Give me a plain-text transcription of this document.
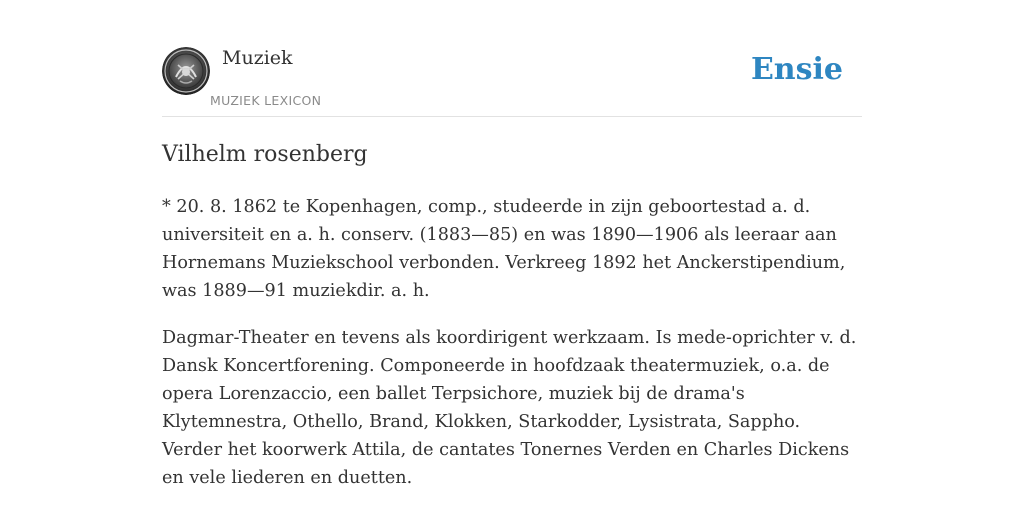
Muziek
MUZIEK LEXICON
Ensie
Vilhelm rosenberg

* 20. 8. 1862 te Kopenhagen, comp., studeerde in zijn geboortestad a. d. universiteit en a. h. conserv. (1883—85) en was 1890—1906 als leeraar aan Hornemans Muziekschool verbonden. Verkreeg 1892 het Anckerstipendium, was 1889—91 muziekdir. a. h.

Dagmar-Theater en tevens als koordirigent werkzaam. Is mede-oprichter v. d. Dansk Koncertforening. Componeerde in hoofdzaak theatermuziek, o.a. de opera Lorenzaccio, een ballet Terpsichore, muziek bij de drama's Klytemnestra, Othello, Brand, Klokken, Starkodder, Lysistrata, Sappho. Verder het koorwerk Attila, de cantates Tonernes Verden en Charles Dickens en vele liederen en duetten.
